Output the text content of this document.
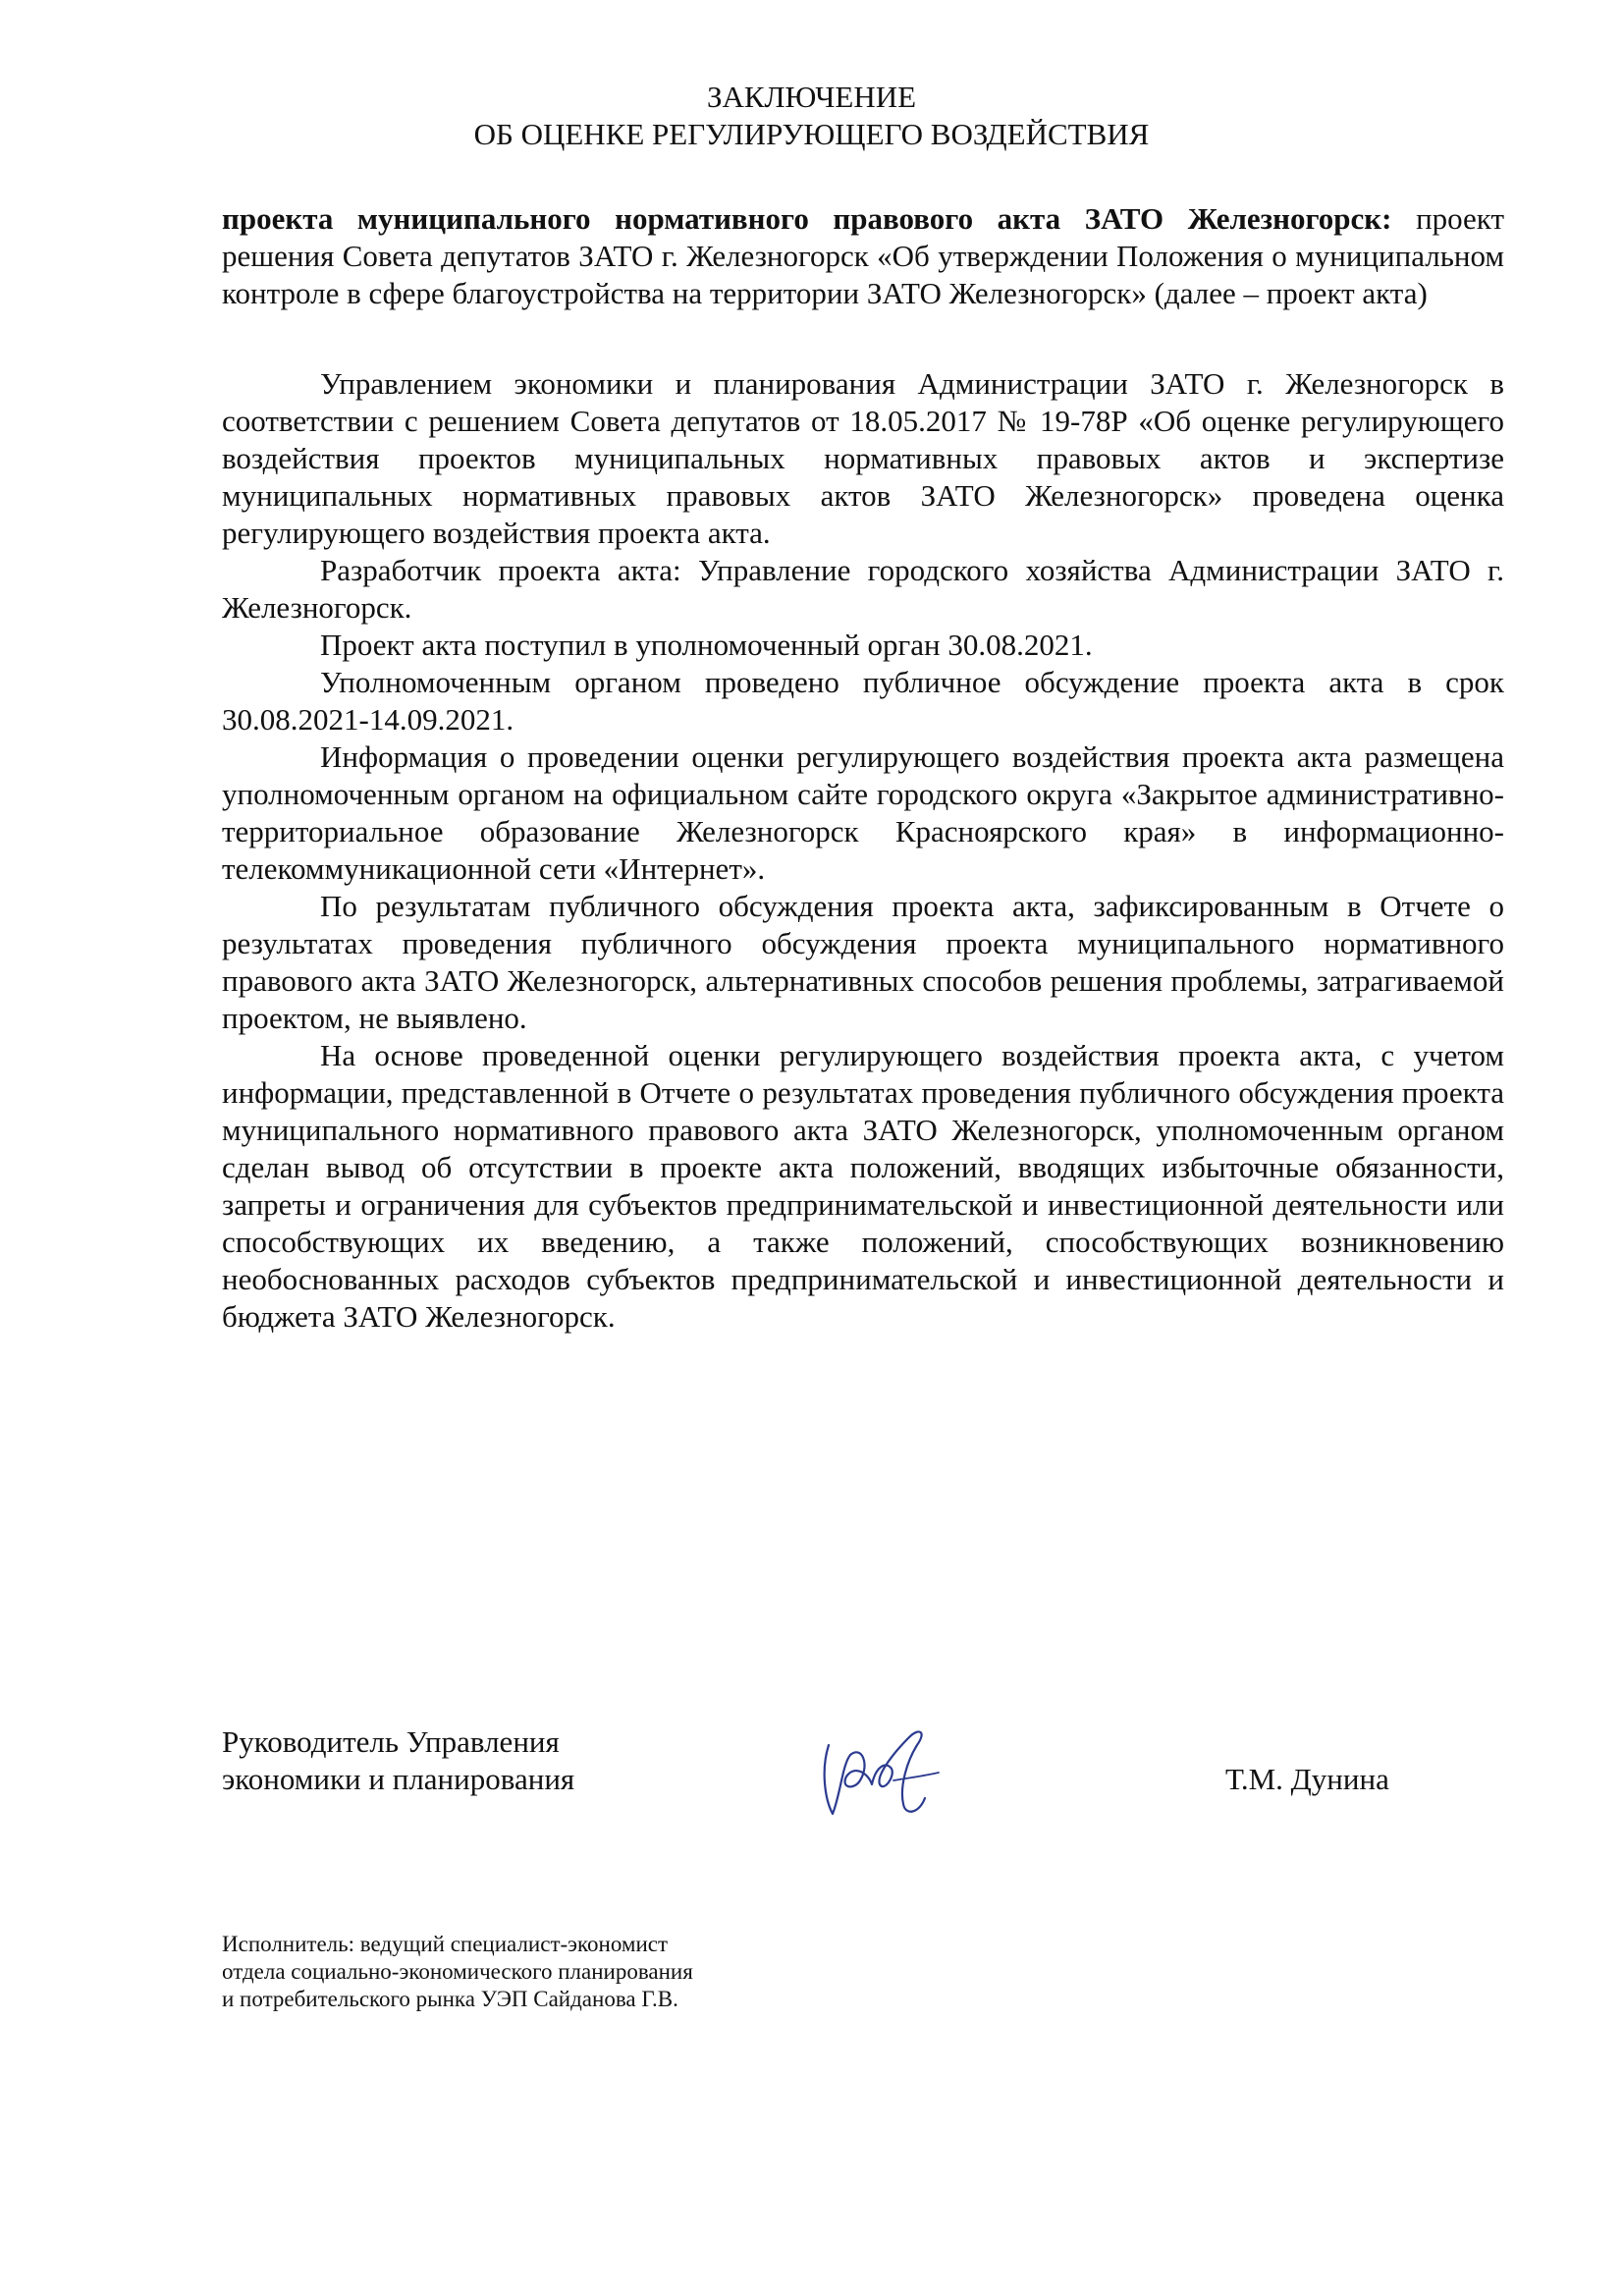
ЗАКЛЮЧЕНИЕ
ОБ ОЦЕНКЕ РЕГУЛИРУЮЩЕГО ВОЗДЕЙСТВИЯ

проекта муниципального нормативного правового акта ЗАТО Железногорск: проект решения Совета депутатов ЗАТО г. Железногорск «Об утверждении Положения о муниципальном контроле в сфере благоустройства на территории ЗАТО Железногорск» (далее – проект акта)

Управлением экономики и планирования Администрации ЗАТО г. Железногорск в соответствии с решением Совета депутатов от 18.05.2017 № 19-78Р «Об оценке регулирующего воздействия проектов муниципальных нормативных правовых актов и экспертизе муниципальных нормативных правовых актов ЗАТО Железногорск» проведена оценка регулирующего воздействия проекта акта.

Разработчик проекта акта: Управление городского хозяйства Администрации ЗАТО г. Железногорск.

Проект акта поступил в уполномоченный орган 30.08.2021.

Уполномоченным органом проведено публичное обсуждение проекта акта в срок 30.08.2021-14.09.2021.

Информация о проведении оценки регулирующего воздействия проекта акта размещена уполномоченным органом на официальном сайте городского округа «Закрытое административно-территориальное образование Железногорск Красноярского края» в информационно-телекоммуникационной сети «Интернет».

По результатам публичного обсуждения проекта акта, зафиксированным в Отчете о результатах проведения публичного обсуждения проекта муниципального нормативного правового акта ЗАТО Железногорск, альтернативных способов решения проблемы, затрагиваемой проектом, не выявлено.

На основе проведенной оценки регулирующего воздействия проекта акта, с учетом информации, представленной в Отчете о результатах проведения публичного обсуждения проекта муниципального нормативного правового акта ЗАТО Железногорск, уполномоченным органом сделан вывод об отсутствии в проекте акта положений, вводящих избыточные обязанности, запреты и ограничения для субъектов предпринимательской и инвестиционной деятельности или способствующих их введению, а также положений, способствующих возникновению необоснованных расходов субъектов предпринимательской и инвестиционной деятельности и бюджета ЗАТО Железногорск.

Руководитель Управления
экономики и планирования	Т.М. Дунина
Исполнитель: ведущий специалист-экономист
отдела социально-экономического планирования
и потребительского рынка УЭП Сайданова Г.В.
